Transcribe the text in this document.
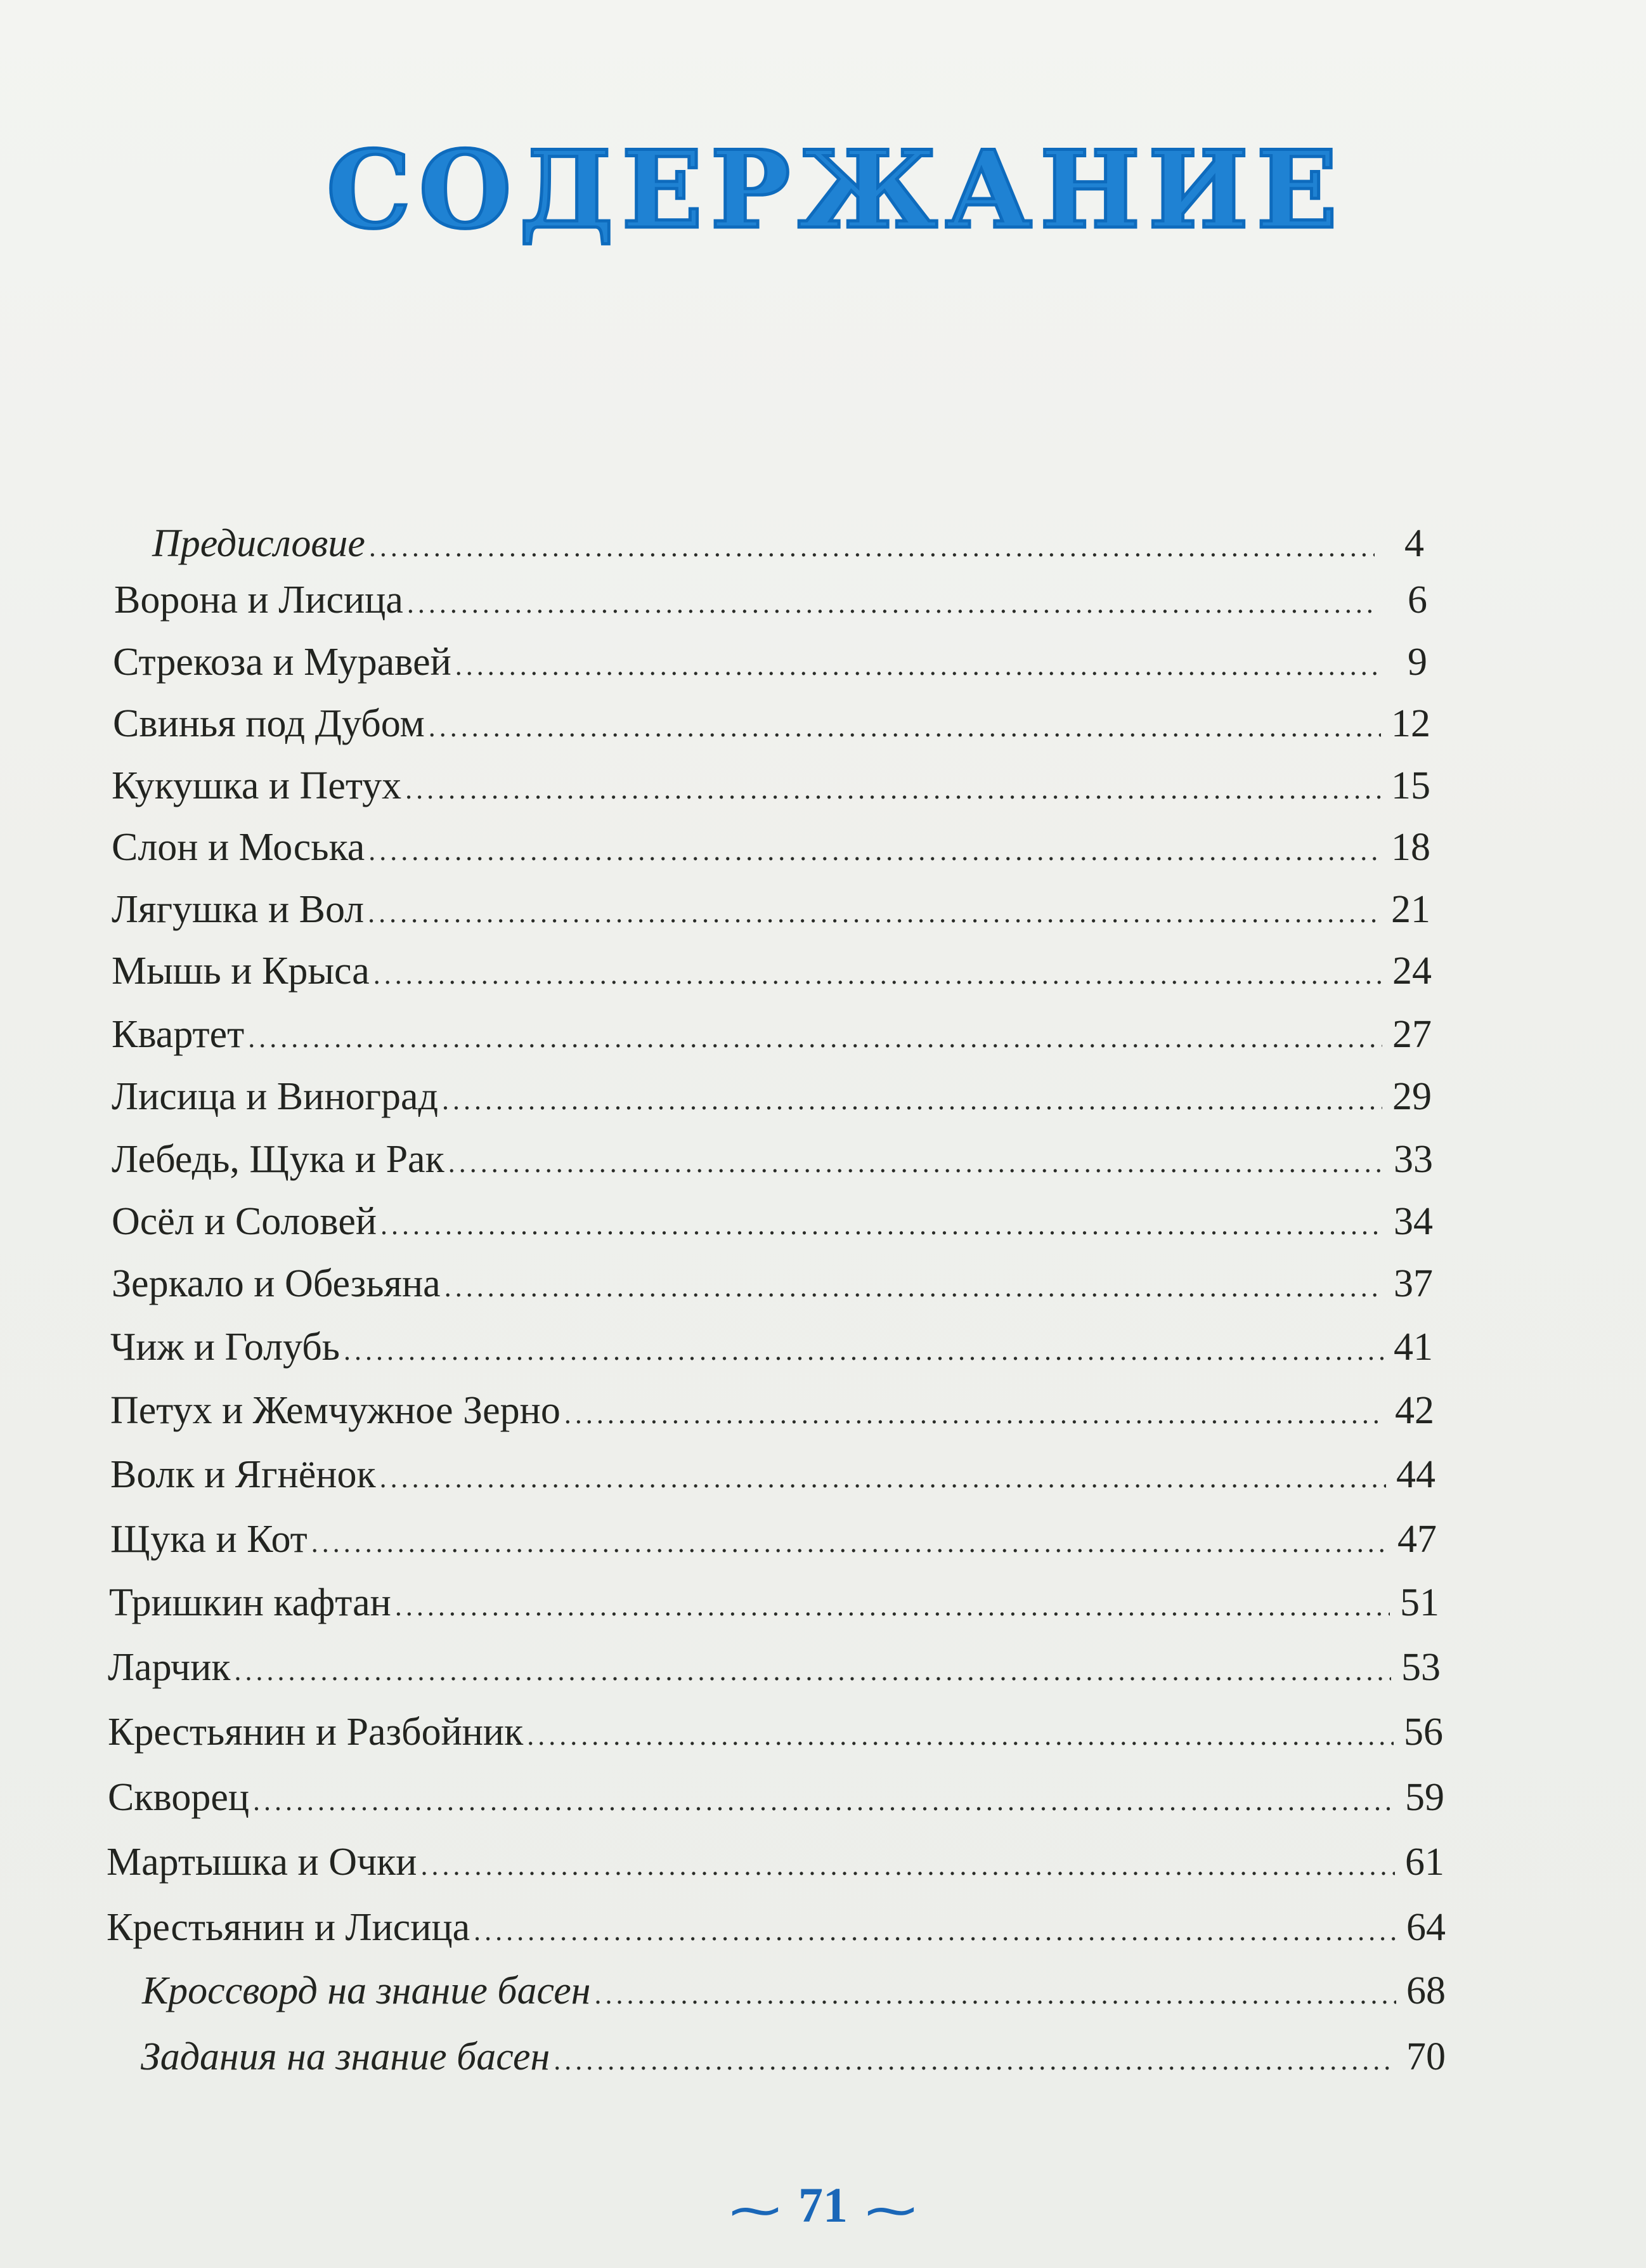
СОДЕРЖАНИЕ
Предисловие .....	4
Ворона и Лисица .....	6
Стрекоза и Муравей .....	9
Свинья под Дубом .....	12
Кукушка и Петух .....	15
Слон и Моська .....	18
Лягушка и Вол .....	21
Мышь и Крыса .....	24
Квартет .....	27
Лисица и Виноград .....	29
Лебедь, Щука и Рак .....	33
Осёл и Соловей .....	34
Зеркало и Обезьяна .....	37
Чиж и Голубь .....	41
Петух и Жемчужное Зерно .....	42
Волк и Ягнёнок .....	44
Щука и Кот .....	47
Тришкин кафтан .....	51
Ларчик .....	53
Крестьянин и Разбойник .....	56
Скворец .....	59
Мартышка и Очки .....	61
Крестьянин и Лисица .....	64
Кроссворд на знание басен .....	68
Задания на знание басен .....	70
⁓ 71 ⁓
